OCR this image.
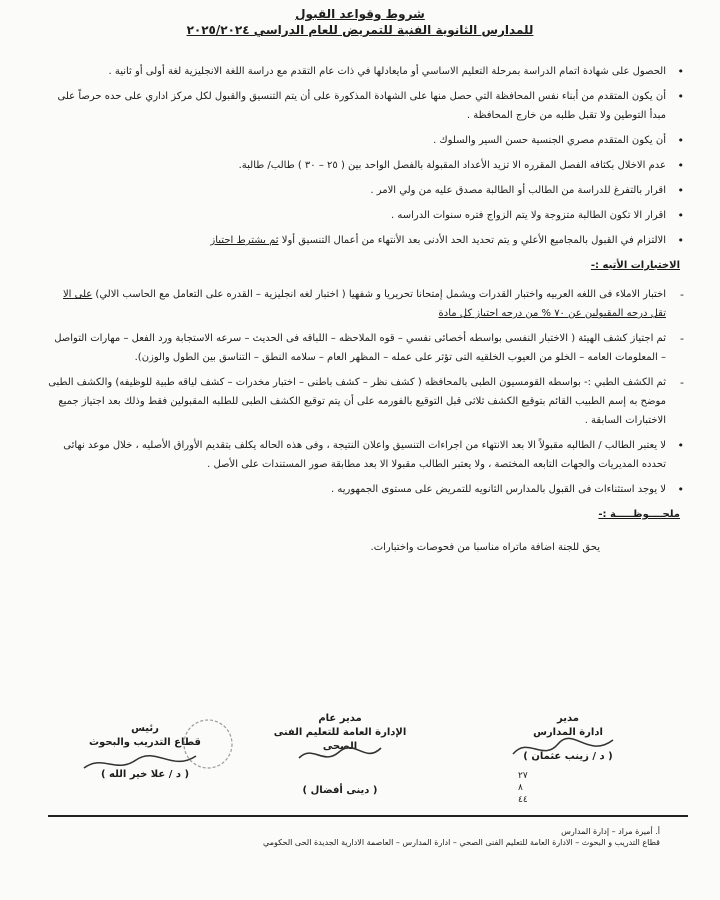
شروط وقواعد القبول
للمدارس الثانوية الفنية للتمريض للعام الدراسي ٢٠٢٥/٢٠٢٤
•

الحصول على شهادة اتمام الدراسة بمرحلة التعليم الاساسي أو مايعادلها في ذات عام التقدم مع دراسة اللغة الانجليزية لغة أولى أو ثانية .

•

أن يكون المتقدم من أبناء نفس المحافظة التي حصل منها على الشهادة المذكورة على أن يتم التنسيق والقبول لكل مركز اداري على حده حرصاً على مبدأ التوطين ولا تقبل طلبه من خارج المحافظة .

•

أن يكون المتقدم مصري الجنسية حسن السير والسلوك .

•

عدم الاخلال بكثافه الفصل المقرره الا تزيد الأعداد المقبولة بالفصل الواحد بين ( ٢٥ – ٣٠ ) طالب/ طالبة.

•

اقرار بالتفرغ للدراسة من الطالب أو الطالبة مصدق عليه من ولي الامر .

•

اقرار الا تكون الطالبة متزوجة ولا يتم الزواج فتره سنوات الدراسه .

•

الالتزام في القبول بالمجاميع الأعلي و يتم تحديد الحد الأدنى بعد الأنتهاء من أعمال التنسيق أولا ثم يشترط اجتياز

الاختبارات الأتيه :-
-

اختبار الاملاء فى اللغه العربيه واختبار القدرات ويشمل إمتحانا تحريريا و شفهيا ( اختبار لغه انجليزية – القدره على التعامل مع الحاسب الالي) على الا تقل درجه المقبولين عن ٧٠ % من درجه اجتياز كل مادة

-

ثم اجتياز كشف الهيئة ( الاختبار النفسى بواسطه أخصائى نفسي – قوه الملاحظه – اللباقه فى الحديث – سرعه الاستجابة ورد الفعل – مهارات التواصل – المعلومات العامه – الخلو من العيوب الخلقيه التى تؤثر على عمله – المظهر العام – سلامه النطق – التناسق بين الطول والوزن).

-

ثم الكشف الطبي :- بواسطه القومسيون الطبى بالمحافظه ( كشف نظر – كشف باطنى – اختبار مخدرات – كشف لياقه طبية للوظيفه) والكشف الطبى موضح به إسم الطبيب القائم بتوقيع الكشف ثلاثى قبل التوقيع بالفورمه على أن يتم توقيع الكشف الطبى للطلبه المقبولين فقط وذلك بعد اجتياز جميع الاختبارات السابقة .

•

لا يعتبر الطالب / الطالبه مقبولاً الا بعد الانتهاء من اجراءات التنسيق واعلان النتيجة ، وفى هذه الحاله يكلف بتقديم الأوراق الأصليه ، خلال موعد نهائى تحدده المديريات والجهات التابعه المختصة ، ولا يعتبر الطالب مقبولا الا بعد مطابقة صور المستندات على الأصل .

•

لا يوجد استثناءات فى القبول بالمدارس الثانويه للتمريض على مستوى الجمهوريه .

ملحــــوظـــــة :-
يحق للجنة اضافة ماتراه مناسبا من فحوصات واختبارات.
مدير
ادارة المدارس
( د / زينب عثمان )
٢٧
٨
٤٤
مدير عام
الإدارة العامة للتعليم الفنى الصحى
( دينى أفضال )
رئيس
قطاع التدريب والبحوث
( د / علا خير الله )
أ. أميرة مراد – إدارة المدارس
قطاع التدريب و البحوث – الادارة العامة للتعليم الفنى الصحي – ادارة المدارس – العاصمة الادارية الجديدة الحى الحكومي
